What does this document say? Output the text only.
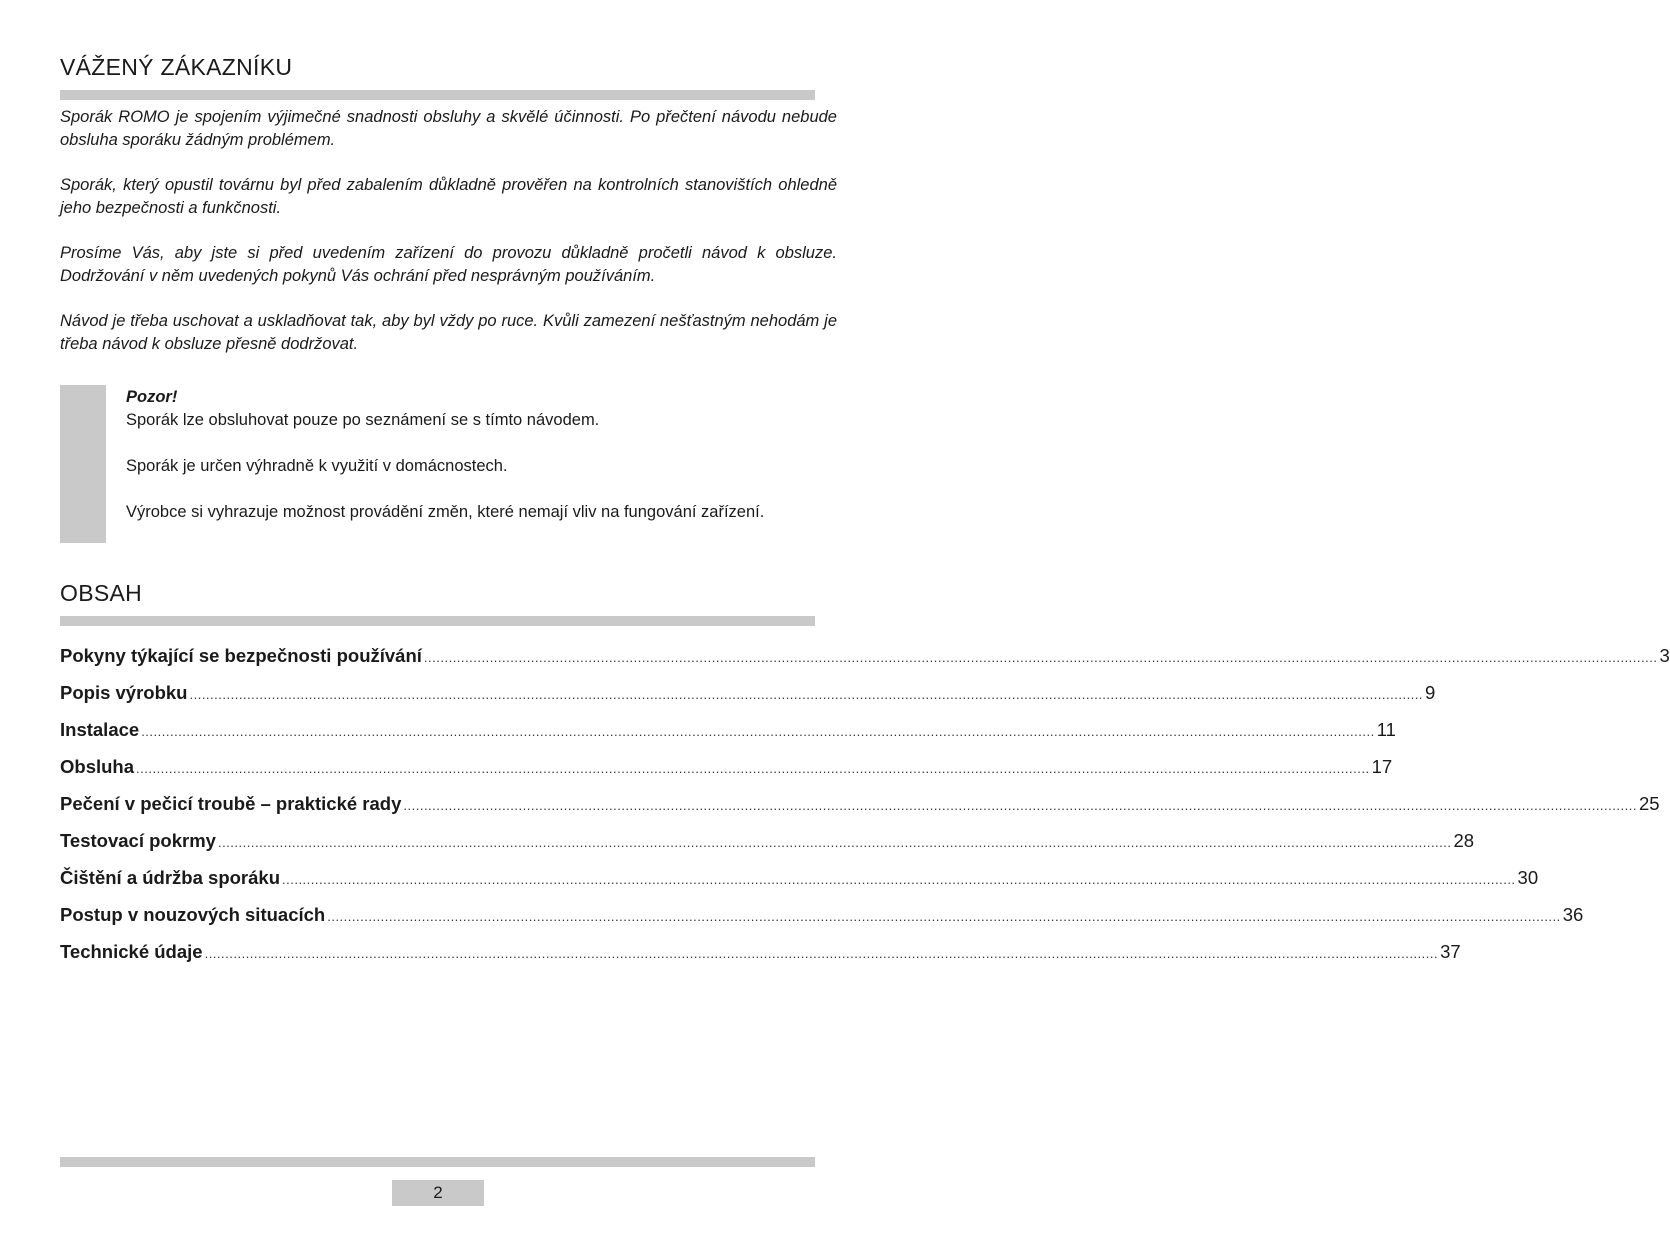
VÁŽENÝ ZÁKAZNÍKU

Sporák ROMO je spojením výjimečné snadnosti obsluhy a skvělé účinnosti. Po přečtení návodu nebude obsluha sporáku žádným problémem.

Sporák, který opustil továrnu byl před zabalením důkladně prověřen na kontrolních stanovištích ohledně jeho bezpečnosti a funkčnosti.

Prosíme Vás, aby jste si před uvedením zařízení do provozu důkladně pročetli návod k obsluze. Dodržování v něm uvedených pokynů Vás ochrání před nesprávným používáním.

Návod je třeba uschovat a uskladňovat tak, aby byl vždy po ruce. Kvůli zamezení nešťastným nehodám je třeba návod k obsluze přesně dodržovat.

Pozor!

Sporák lze obsluhovat pouze po seznámení se s tímto návodem.

Sporák je určen výhradně k využití v domácnostech.

Výrobce si vyhrazuje možnost provádění změn, které nemají vliv na fungování zařízení.

OBSAH
Pokyny týkající se bezpečnosti používání ............................................................................................................................................................................................................................................................................................................ 3
Popis výrobku ............................................................................................................................................................................................................................................................................................................ 9
Instalace ............................................................................................................................................................................................................................................................................................................ 11
Obsluha ............................................................................................................................................................................................................................................................................................................ 17
Pečení v pečicí troubě – praktické rady ............................................................................................................................................................................................................................................................................................................ 25
Testovací pokrmy ............................................................................................................................................................................................................................................................................................................ 28
Čištění a údržba sporáku ............................................................................................................................................................................................................................................................................................................ 30
Postup v nouzových situacích ............................................................................................................................................................................................................................................................................................................ 36
Technické údaje ............................................................................................................................................................................................................................................................................................................ 37
2
